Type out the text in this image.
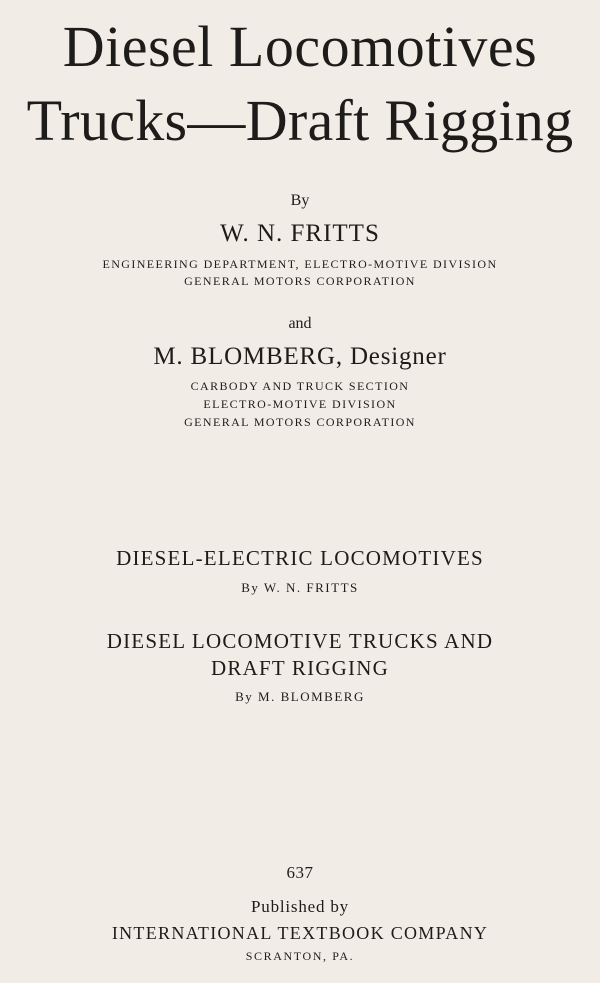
Diesel Locomotives
Trucks—Draft Rigging
By
W. N. FRITTS
ENGINEERING DEPARTMENT, ELECTRO-MOTIVE DIVISION
GENERAL MOTORS CORPORATION
and
M. BLOMBERG, Designer
CARBODY AND TRUCK SECTION
ELECTRO-MOTIVE DIVISION
GENERAL MOTORS CORPORATION
DIESEL-ELECTRIC LOCOMOTIVES
By W. N. FRITTS
DIESEL LOCOMOTIVE TRUCKS AND
DRAFT RIGGING
By M. BLOMBERG
637
Published by
INTERNATIONAL TEXTBOOK COMPANY
SCRANTON, PA.
